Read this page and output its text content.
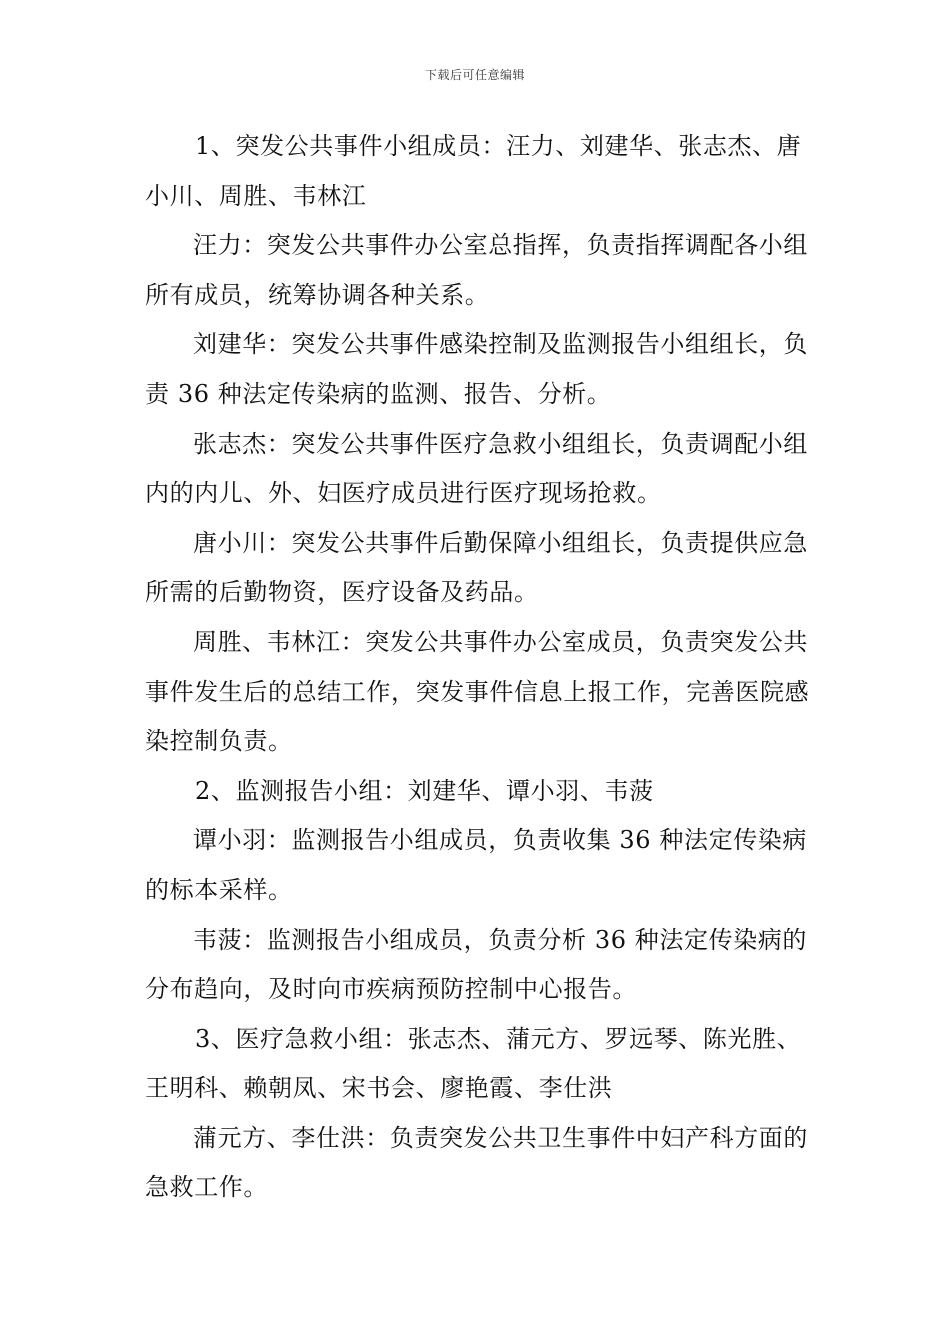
下载后可任意编辑

1、突发公共事件小组成员：汪力、刘建华、张志杰、唐小川、周胜、韦林江

汪力：突发公共事件办公室总指挥，负责指挥调配各小组所有成员，统筹协调各种关系。

刘建华：突发公共事件感染控制及监测报告小组组长，负责 36 种法定传染病的监测、报告、分析。

张志杰：突发公共事件医疗急救小组组长，负责调配小组内的内儿、外、妇医疗成员进行医疗现场抢救。

唐小川：突发公共事件后勤保障小组组长，负责提供应急所需的后勤物资，医疗设备及药品。

周胜、韦林江：突发公共事件办公室成员，负责突发公共事件发生后的总结工作，突发事件信息上报工作，完善医院感染控制负责。

2、监测报告小组：刘建华、谭小羽、韦菠

谭小羽：监测报告小组成员，负责收集 36 种法定传染病的标本采样。

韦菠：监测报告小组成员，负责分析 36 种法定传染病的分布趋向，及时向市疾病预防控制中心报告。

3、医疗急救小组：张志杰、蒲元方、罗远琴、陈光胜、王明科、赖朝凤、宋书会、廖艳霞、李仕洪

蒲元方、李仕洪：负责突发公共卫生事件中妇产科方面的急救工作。
